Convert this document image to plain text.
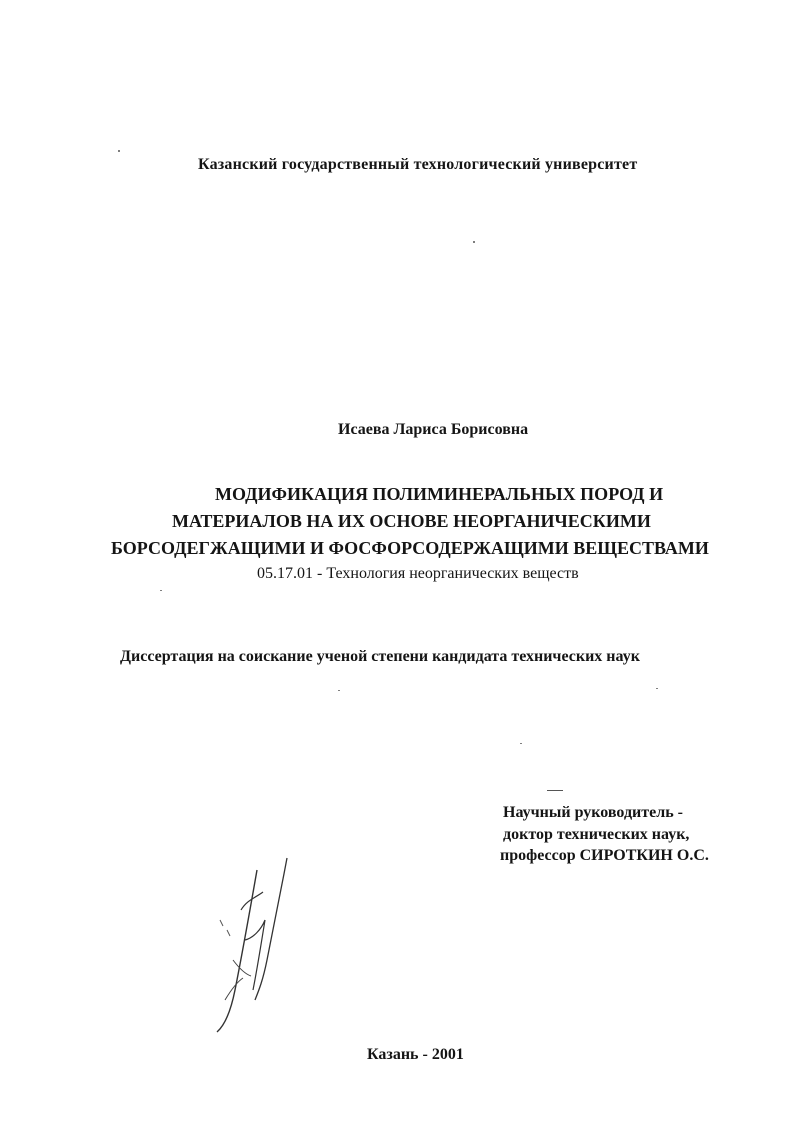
Казанский государственный технологический университет
Исаева Лариса Борисовна
МОДИФИКАЦИЯ ПОЛИМИНЕРАЛЬНЫХ ПОРОД И
МАТЕРИАЛОВ НА ИХ ОСНОВЕ НЕОРГАНИЧЕСКИМИ
БОРСОДЕГЖАЩИМИ И ФОСФОРСОДЕРЖАЩИМИ ВЕЩЕСТВАМИ
05.17.01 - Технология неорганических веществ
Диссертация на соискание ученой степени кандидата технических наук
Научный руководитель -
доктор технических наук,
профессор СИРОТКИН О.С.
Казань - 2001
